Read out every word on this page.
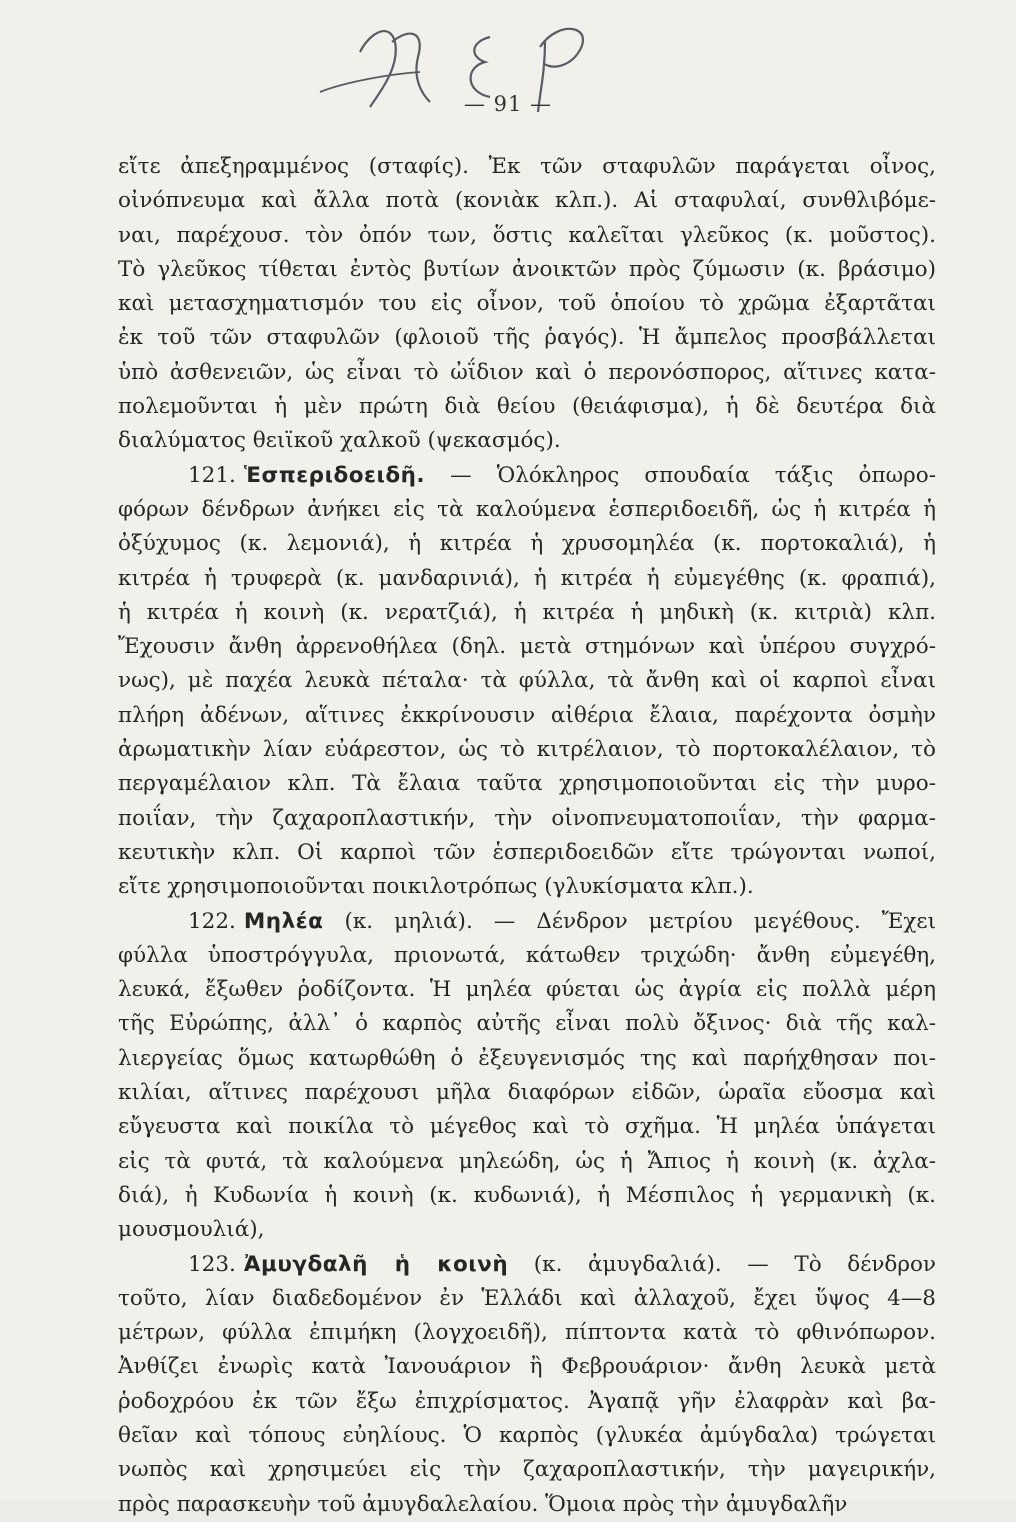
— 91 —
εἴτε ἀπεξηραμμένος (σταφίς). Ἐκ τῶν σταφυλῶν παράγεται οἶνος,
οἰνόπνευμα καὶ ἄλλα ποτὰ (κονιὰκ κλπ.). Αἱ σταφυλαί, συνθλιβόμε-
ναι, παρέχουσ. τὸν ὀπόν των, ὅστις καλεῖται γλεῦκος (κ. μοῦστος).
Τὸ γλεῦκος τίθεται ἐντὸς βυτίων ἀνοικτῶν πρὸς ζύμωσιν (κ. βράσιμο)
καὶ μετασχηματισμόν του εἰς οἶνον, τοῦ ὁποίου τὸ χρῶμα ἐξαρτᾶται
ἐκ τοῦ τῶν σταφυλῶν (φλοιοῦ τῆς ῥαγός). Ἡ ἄμπελος προσβάλλεται
ὑπὸ ἀσθενειῶν, ὡς εἶναι τὸ ὠΐδιον καὶ ὁ περονόσπορος, αἵτινες κατα-
πολεμοῦνται ἡ μὲν πρώτη διὰ θείου (θειάφισμα), ἡ δὲ δευτέρα διὰ
διαλύματος θειϊκοῦ χαλκοῦ (ψεκασμός).
121. Ἑσπεριδοειδῆ. — Ὁλόκληρος σπουδαία τάξις ὀπωρο-
φόρων δένδρων ἀνήκει εἰς τὰ καλούμενα ἑσπεριδοειδῆ, ὡς ἡ κιτρέα ἡ
ὀξύχυμος (κ. λεμονιά), ἡ κιτρέα ἡ χρυσομηλέα (κ. πορτοκαλιά), ἡ
κιτρέα ἡ τρυφερὰ (κ. μανδαρινιά), ἡ κιτρέα ἡ εὐμεγέθης (κ. φραπιά),
ἡ κιτρέα ἡ κοινὴ (κ. νερατζιά), ἡ κιτρέα ἡ μηδικὴ (κ. κιτριὰ) κλπ.
Ἔχουσιν ἄνθη ἀρρενοθήλεα (δηλ. μετὰ στημόνων καὶ ὑπέρου συγχρό-
νως), μὲ παχέα λευκὰ πέταλα· τὰ φύλλα, τὰ ἄνθη καὶ οἱ καρποὶ εἶναι
πλήρη ἀδένων, αἵτινες ἐκκρίνουσιν αἰθέρια ἔλαια, παρέχοντα ὀσμὴν
ἀρωματικὴν λίαν εὐάρεστον, ὡς τὸ κιτρέλαιον, τὸ πορτοκαλέλαιον, τὸ
περγαμέλαιον κλπ. Τὰ ἔλαια ταῦτα χρησιμοποιοῦνται εἰς τὴν μυρο-
ποιΐαν, τὴν ζαχαροπλαστικήν, τὴν οἰνοπνευματοποιΐαν, τὴν φαρμα-
κευτικὴν κλπ. Οἱ καρποὶ τῶν ἑσπεριδοειδῶν εἴτε τρώγονται νωποί,
εἴτε χρησιμοποιοῦνται ποικιλοτρόπως (γλυκίσματα κλπ.).
122. Μηλέα (κ. μηλιά). — Δένδρον μετρίου μεγέθους. Ἔχει
φύλλα ὑποστρόγγυλα, πριονωτά, κάτωθεν τριχώδη· ἄνθη εὐμεγέθη,
λευκά, ἔξωθεν ῥοδίζοντα. Ἡ μηλέα φύεται ὡς ἀγρία εἰς πολλὰ μέρη
τῆς Εὐρώπης, ἀλλ᾽ ὁ καρπὸς αὐτῆς εἶναι πολὺ ὄξινος· διὰ τῆς καλ-
λιεργείας ὅμως κατωρθώθη ὁ ἐξευγενισμός της καὶ παρήχθησαν ποι-
κιλίαι, αἵτινες παρέχουσι μῆλα διαφόρων εἰδῶν, ὡραῖα εὔοσμα καὶ
εὔγευστα καὶ ποικίλα τὸ μέγεθος καὶ τὸ σχῆμα. Ἡ μηλέα ὑπάγεται
εἰς τὰ φυτά, τὰ καλούμενα μηλεώδη, ὡς ἡ Ἄπιος ἡ κοινὴ (κ. ἀχλα-
διά), ἡ Κυδωνία ἡ κοινὴ (κ. κυδωνιά), ἡ Μέσπιλος ἡ γερμανικὴ (κ.
μουσμουλιά),
123. Ἀμυγδαλῆ ἡ κοινὴ (κ. ἀμυγδαλιά). — Τὸ δένδρον
τοῦτο, λίαν διαδεδομένον ἐν Ἑλλάδι καὶ ἀλλαχοῦ, ἔχει ὕψος 4—8
μέτρων, φύλλα ἐπιμήκη (λογχοειδῆ), πίπτοντα κατὰ τὸ φθινόπωρον.
Ἀνθίζει ἐνωρὶς κατὰ Ἰανουάριον ἢ Φεβρουάριον· ἄνθη λευκὰ μετὰ
ῥοδοχρόου ἐκ τῶν ἔξω ἐπιχρίσματος. Ἀγαπᾷ γῆν ἐλαφρὰν καὶ βα-
θεῖαν καὶ τόπους εὐηλίους. Ὁ καρπὸς (γλυκέα ἀμύγδαλα) τρώγεται
νωπὸς καὶ χρησιμεύει εἰς τὴν ζαχαροπλαστικήν, τὴν μαγειρικήν,
πρὸς παρασκευὴν τοῦ ἀμυγδαλελαίου. Ὅμοια πρὸς τὴν ἀμυγδαλῆν
